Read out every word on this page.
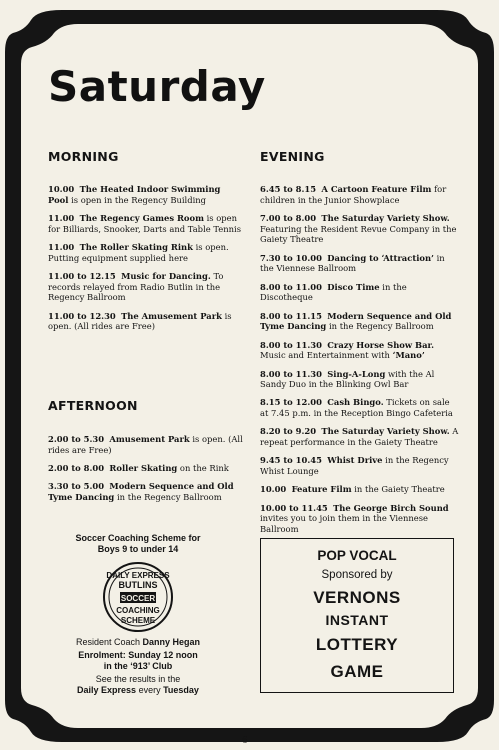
Saturday
MORNING
10.00 The Heated Indoor Swimming Pool is open in the Regency Building
11.00 The Regency Games Room is open for Billiards, Snooker, Darts and Table Tennis
11.00 The Roller Skating Rink is open. Putting equipment supplied here
11.00 to 12.15 Music for Dancing. To records relayed from Radio Butlin in the Regency Ballroom
11.00 to 12.30 The Amusement Park is open. (All rides are Free)
AFTERNOON
2.00 to 5.30 Amusement Park is open. (All rides are Free)
2.00 to 8.00 Roller Skating on the Rink
3.30 to 5.00 Modern Sequence and Old Tyme Dancing in the Regency Ballroom
EVENING
6.45 to 8.15 A Cartoon Feature Film for children in the Junior Showplace
7.00 to 8.00 The Saturday Variety Show. Featuring the Resident Revue Company in the Gaiety Theatre
7.30 to 10.00 Dancing to ‘Attraction’ in the Viennese Ballroom
8.00 to 11.00 Disco Time in the Discotheque
8.00 to 11.15 Modern Sequence and Old Tyme Dancing in the Regency Ballroom
8.00 to 11.30 Crazy Horse Show Bar. Music and Entertainment with ‘Mano’
8.00 to 11.30 Sing-A-Long with the Al Sandy Duo in the Blinking Owl Bar
8.15 to 12.00 Cash Bingo. Tickets on sale at 7.45 p.m. in the Reception Bingo Cafeteria
8.20 to 9.20 The Saturday Variety Show. A repeat performance in the Gaiety Theatre
9.45 to 10.45 Whist Drive in the Regency Whist Lounge
10.00 Feature Film in the Gaiety Theatre
10.00 to 11.45 The George Birch Sound invites you to join them in the Viennese Ballroom
Soccer Coaching Scheme for
Boys 9 to under 14
DAILY EXPRESS
BUTLINS
SOCCER
COACHING
SCHEME
Resident Coach Danny Hegan
Enrolment: Sunday 12 noon
in the ‘913’ Club
See the results in the
Daily Express every Tuesday
POP VOCAL
Sponsored by
VERNONS
INSTANT
LOTTERY
GAME
6
